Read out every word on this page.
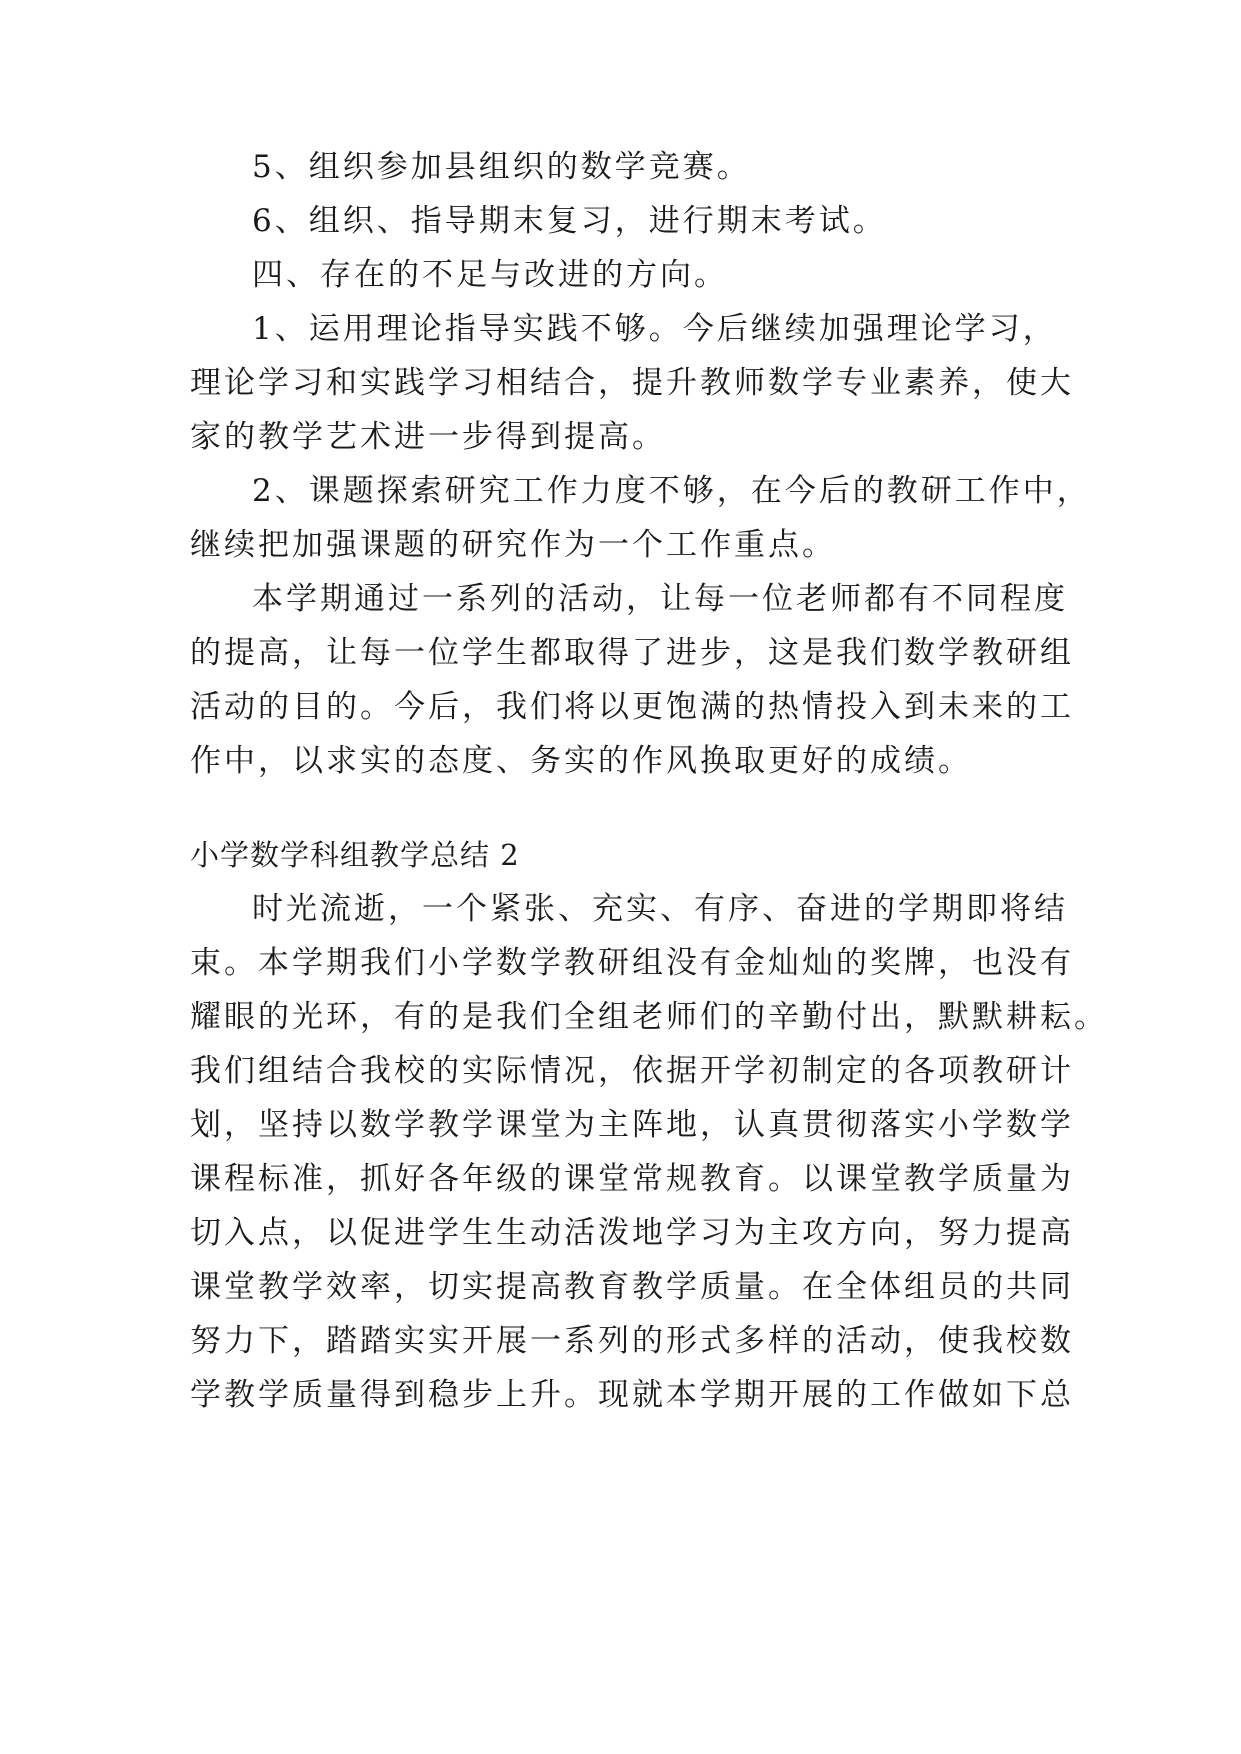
5、组织参加县组织的数学竞赛。
6、组织、指导期末复习，进行期末考试。
四、存在的不足与改进的方向。
1、运用理论指导实践不够。今后继续加强理论学习，
理论学习和实践学习相结合，提升教师数学专业素养，使大
家的教学艺术进一步得到提高。
2、课题探索研究工作力度不够，在今后的教研工作中，
继续把加强课题的研究作为一个工作重点。
本学期通过一系列的活动，让每一位老师都有不同程度
的提高，让每一位学生都取得了进步，这是我们数学教研组
活动的目的。今后，我们将以更饱满的热情投入到未来的工
作中，以求实的态度、务实的作风换取更好的成绩。
小学数学科组教学总结 2
时光流逝，一个紧张、充实、有序、奋进的学期即将结
束。本学期我们小学数学教研组没有金灿灿的奖牌，也没有
耀眼的光环，有的是我们全组老师们的辛勤付出，默默耕耘。
我们组结合我校的实际情况，依据开学初制定的各项教研计
划，坚持以数学教学课堂为主阵地，认真贯彻落实小学数学
课程标准，抓好各年级的课堂常规教育。以课堂教学质量为
切入点，以促进学生生动活泼地学习为主攻方向，努力提高
课堂教学效率，切实提高教育教学质量。在全体组员的共同
努力下，踏踏实实开展一系列的形式多样的活动，使我校数
学教学质量得到稳步上升。现就本学期开展的工作做如下总
